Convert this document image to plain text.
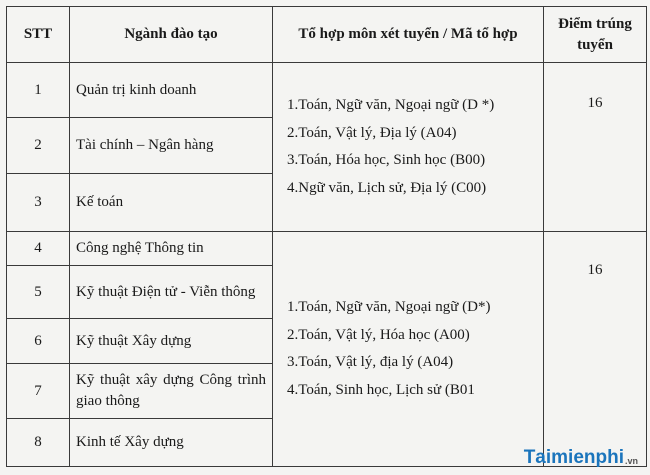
STT	Ngành đào tạo	Tổ hợp môn xét tuyển / Mã tổ hợp	Điểm trúng
tuyển
1	Quản trị kinh doanh	1.Toán, Ngữ văn, Ngoại ngữ (D *)
2.Toán, Vật lý, Địa lý (A04)
3.Toán, Hóa học, Sinh học (B00)
4.Ngữ văn, Lịch sử, Địa lý (C00)	16
2	Tài chính – Ngân hàng		
3	Kế toán		
4	Công nghệ Thông tin	1.Toán, Ngữ văn, Ngoại ngữ (D*)
2.Toán, Vật lý, Hóa học (A00)
3.Toán, Vật lý, địa lý (A04)
4.Toán, Sinh học, Lịch sử (B01	16
5	Kỹ thuật Điện tử - Viễn thông		
6	Kỹ thuật Xây dựng		
7	Kỹ thuật xây dựng Công trình giao thông		
8	Kinh tế Xây dựng		
T aimienphi .vn
